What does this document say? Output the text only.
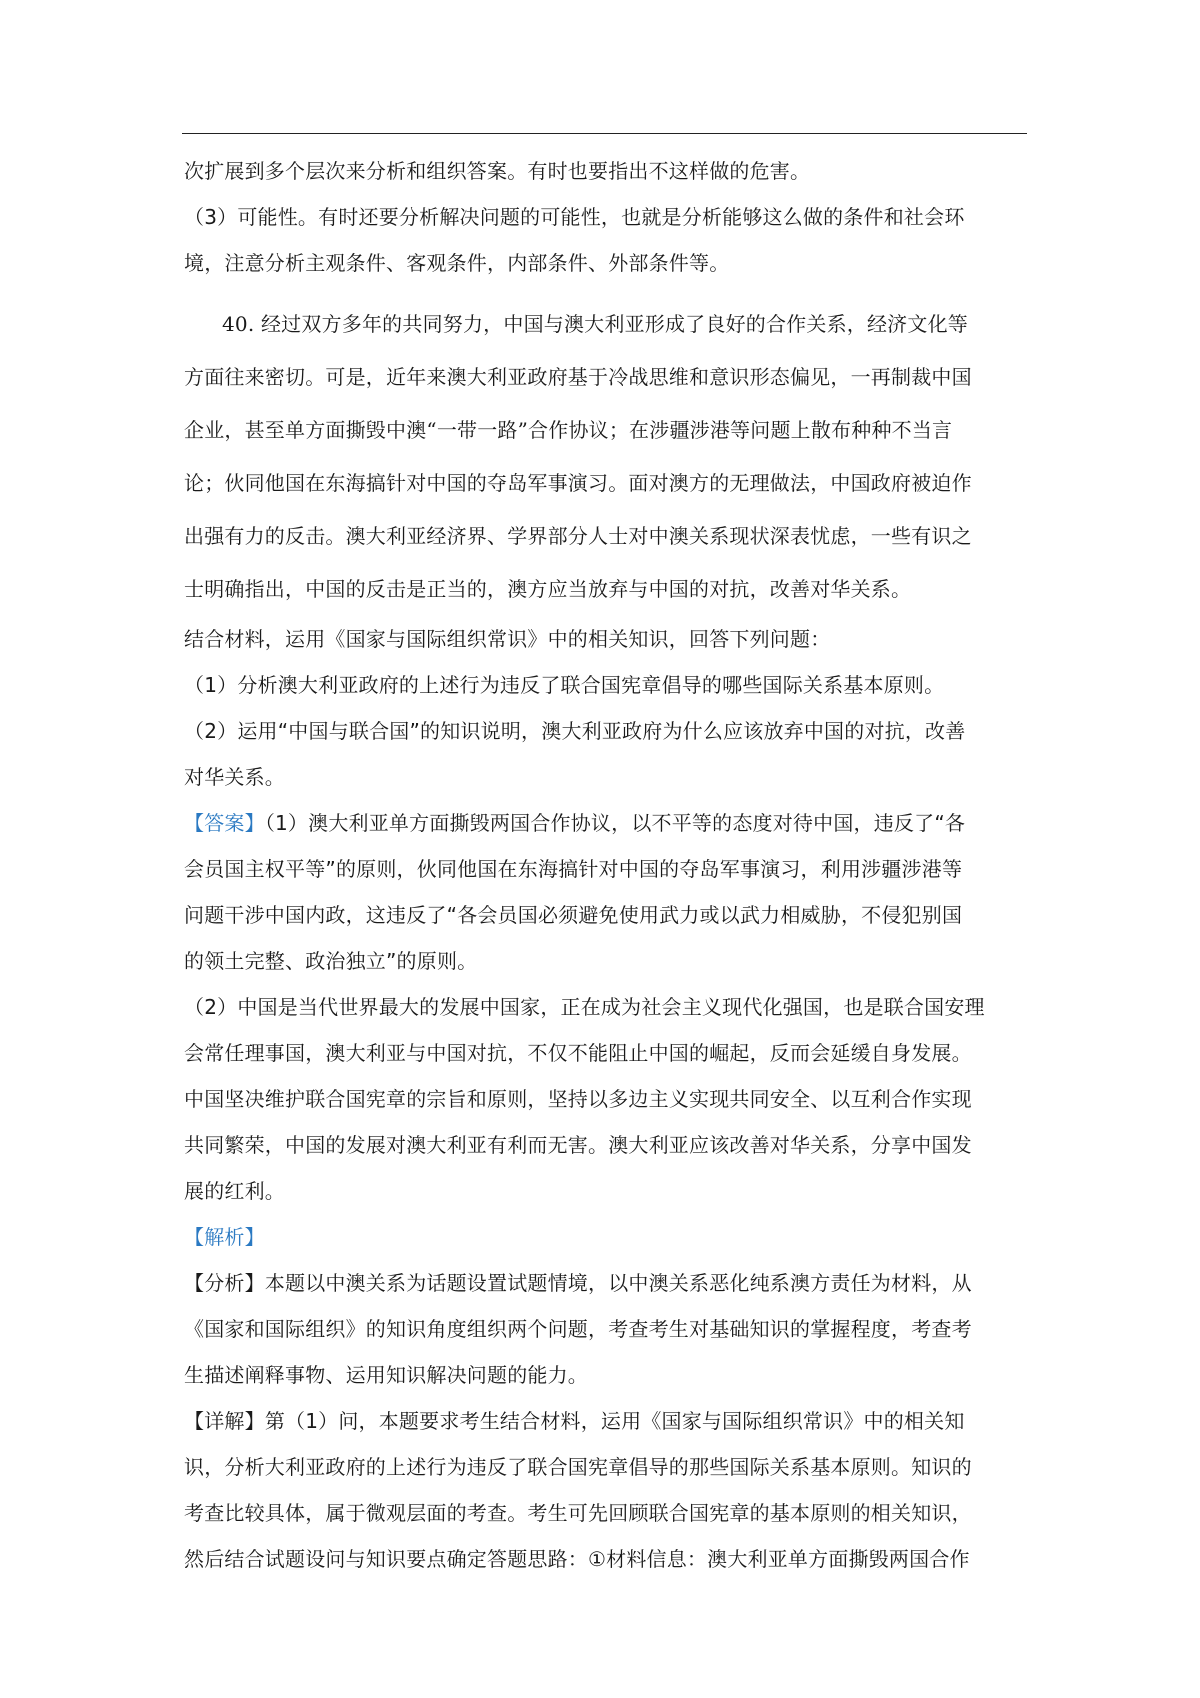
次扩展到多个层次来分析和组织答案。有时也要指出不这样做的危害。
（3）可能性。有时还要分析解决问题的可能性，也就是分析能够这么做的条件和社会环
境，注意分析主观条件、客观条件，内部条件、外部条件等。
40. 经过双方多年的共同努力，中国与澳大利亚形成了良好的合作关系，经济文化等
方面往来密切。可是，近年来澳大利亚政府基于冷战思维和意识形态偏见，一再制裁中国
企业，甚至单方面撕毁中澳“一带一路”合作协议；在涉疆涉港等问题上散布种种不当言
论；伙同他国在东海搞针对中国的夺岛军事演习。面对澳方的无理做法，中国政府被迫作
出强有力的反击。澳大利亚经济界、学界部分人士对中澳关系现状深表忧虑，一些有识之
士明确指出，中国的反击是正当的，澳方应当放弃与中国的对抗，改善对华关系。
结合材料，运用《国家与国际组织常识》中的相关知识，回答下列问题：
（1）分析澳大利亚政府的上述行为违反了联合国宪章倡导的哪些国际关系基本原则。
（2）运用“中国与联合国”的知识说明，澳大利亚政府为什么应该放弃中国的对抗，改善
对华关系。
【答案】（1）澳大利亚单方面撕毁两国合作协议，以不平等的态度对待中国，违反了“各
会员国主权平等”的原则，伙同他国在东海搞针对中国的夺岛军事演习，利用涉疆涉港等
问题干涉中国内政，这违反了“各会员国必须避免使用武力或以武力相威胁，不侵犯别国
的领土完整、政治独立”的原则。
（2）中国是当代世界最大的发展中国家，正在成为社会主义现代化强国，也是联合国安理
会常任理事国，澳大利亚与中国对抗，不仅不能阻止中国的崛起，反而会延缓自身发展。
中国坚决维护联合国宪章的宗旨和原则，坚持以多边主义实现共同安全、以互利合作实现
共同繁荣，中国的发展对澳大利亚有利而无害。澳大利亚应该改善对华关系，分享中国发
展的红利。
【解析】
【分析】本题以中澳关系为话题设置试题情境，以中澳关系恶化纯系澳方责任为材料，从
《国家和国际组织》的知识角度组织两个问题，考查考生对基础知识的掌握程度，考查考
生描述阐释事物、运用知识解决问题的能力。
【详解】第（1）问，本题要求考生结合材料，运用《国家与国际组织常识》中的相关知
识，分析大利亚政府的上述行为违反了联合国宪章倡导的那些国际关系基本原则。知识的
考查比较具体，属于微观层面的考查。考生可先回顾联合国宪章的基本原则的相关知识，
然后结合试题设问与知识要点确定答题思路：①材料信息：澳大利亚单方面撕毁两国合作
